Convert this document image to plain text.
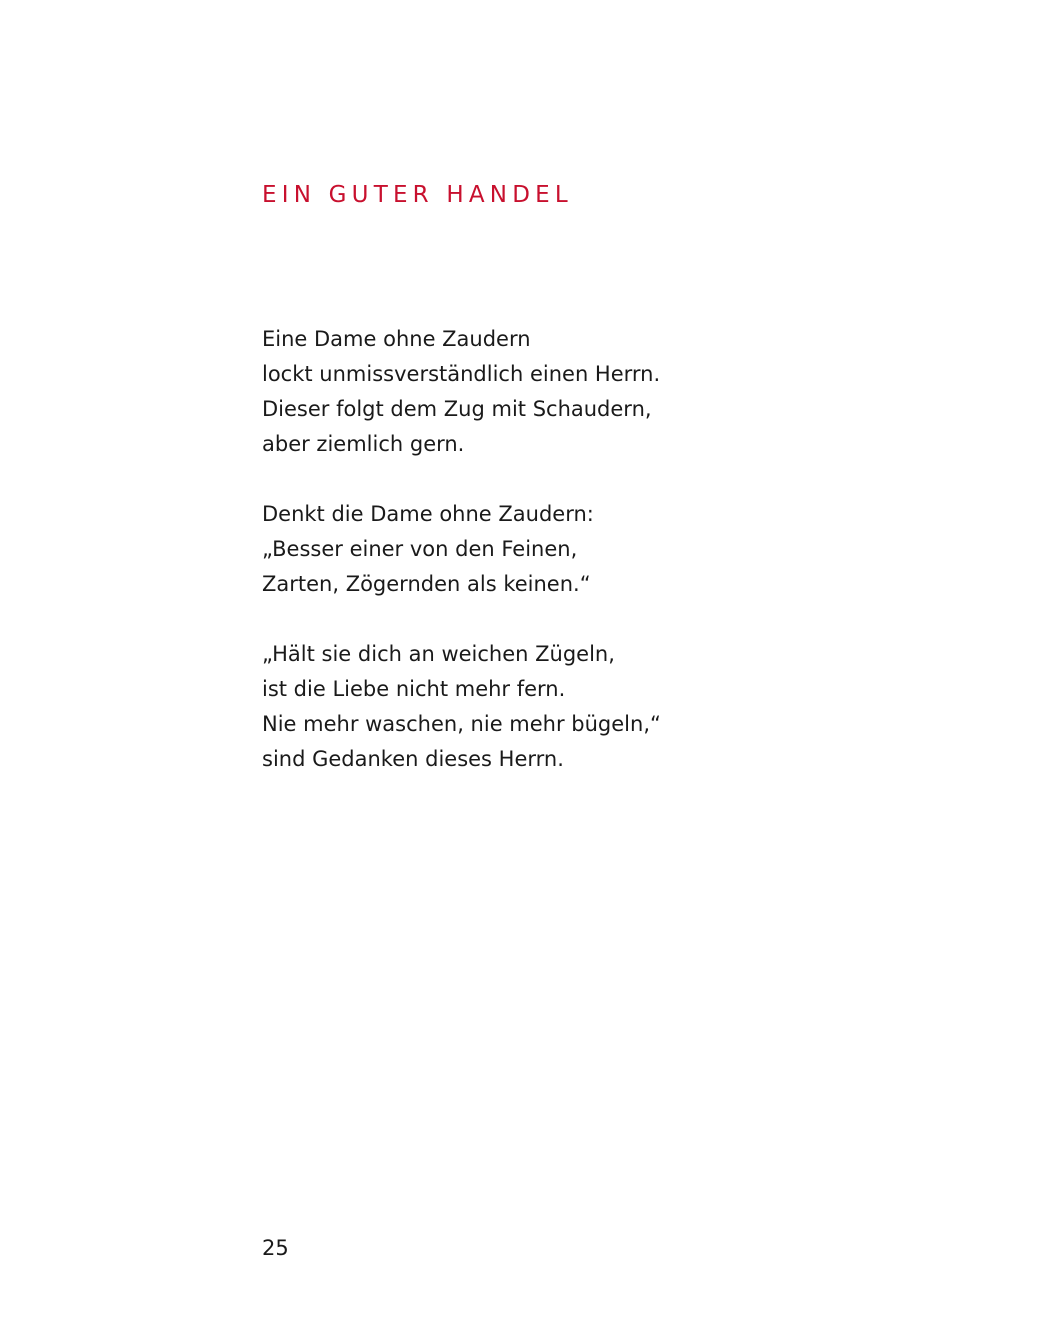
EIN GUTER HANDEL
Eine Dame ohne Zaudern
lockt unmissverständlich einen Herrn.
Dieser folgt dem Zug mit Schaudern,
aber ziemlich gern.
Denkt die Dame ohne Zaudern:
„Besser einer von den Feinen,
Zarten, Zögernden als keinen.“
„Hält sie dich an weichen Zügeln,
ist die Liebe nicht mehr fern.
Nie mehr waschen, nie mehr bügeln,“
sind Gedanken dieses Herrn.
25
